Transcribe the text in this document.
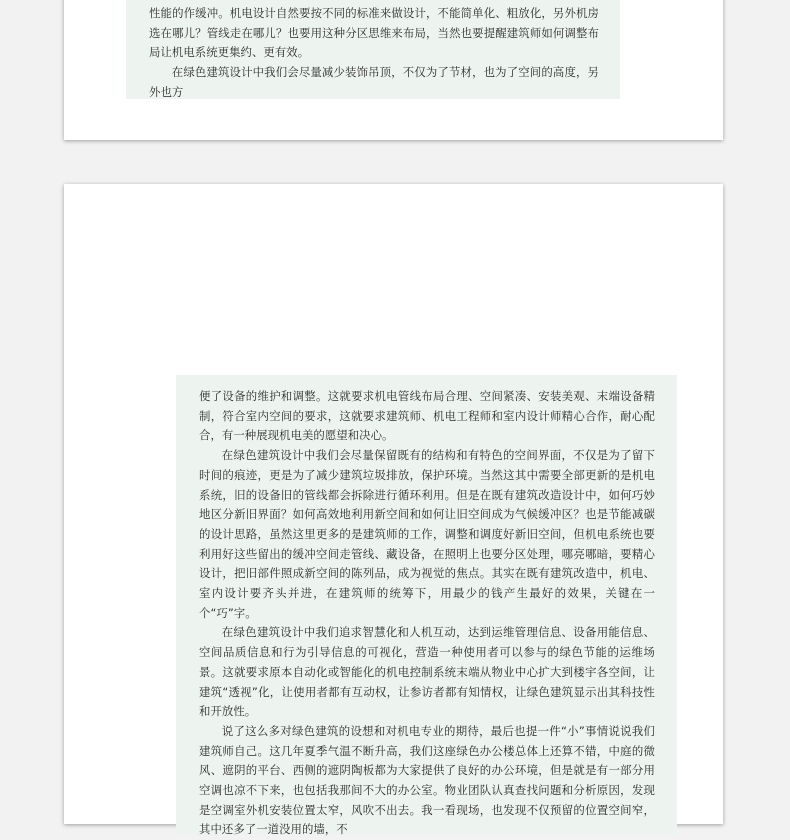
性能的作缓冲。机电设计自然要按不同的标准来做设计，不能简单化、粗放化，另外机房选在哪儿？管线走在哪儿？也要用这种分区思维来布局，当然也要提醒建筑师如何调整布局让机电系统更集约、更有效。

在绿色建筑设计中我们会尽量减少装饰吊顶，不仅为了节材，也为了空间的高度，另外也方

便了设备的维护和调整。这就要求机电管线布局合理、空间紧凑、安装美观、末端设备精制，符合室内空间的要求，这就要求建筑师、机电工程师和室内设计师精心合作，耐心配合，有一种展现机电美的愿望和决心。

在绿色建筑设计中我们会尽量保留既有的结构和有特色的空间界面，不仅是为了留下时间的痕迹，更是为了减少建筑垃圾排放，保护环境。当然这其中需要全部更新的是机电系统，旧的设备旧的管线都会拆除进行循环利用。但是在既有建筑改造设计中，如何巧妙地区分新旧界面？如何高效地利用新空间和如何让旧空间成为气候缓冲区？也是节能减碳的设计思路，虽然这里更多的是建筑师的工作，调整和调度好新旧空间，但机电系统也要利用好这些留出的缓冲空间走管线、藏设备，在照明上也要分区处理，哪亮哪暗，要精心设计，把旧部件照成新空间的陈列品，成为视觉的焦点。其实在既有建筑改造中，机电、室内设计要齐头并进，在建筑师的统筹下，用最少的钱产生最好的效果，关键在一个“巧”字。

在绿色建筑设计中我们追求智慧化和人机互动，达到运维管理信息、设备用能信息、空间品质信息和行为引导信息的可视化，营造一种使用者可以参与的绿色节能的运维场景。这就要求原本自动化或智能化的机电控制系统末端从物业中心扩大到楼宇各空间，让建筑“透视”化，让使用者都有互动权，让参访者都有知情权，让绿色建筑显示出其科技性和开放性。

说了这么多对绿色建筑的设想和对机电专业的期待，最后也提一件“小”事情说说我们建筑师自己。这几年夏季气温不断升高，我们这座绿色办公楼总体上还算不错，中庭的微风、遮阴的平台、西侧的遮阴陶板都为大家提供了良好的办公环境，但是就是有一部分用空调也凉不下来，也包括我那间不大的办公室。物业团队认真查找问题和分析原因，发现是空调室外机安装位置太窄，风吹不出去。我一看现场，也发现不仅预留的位置空间窄，其中还多了一道没用的墙，不
